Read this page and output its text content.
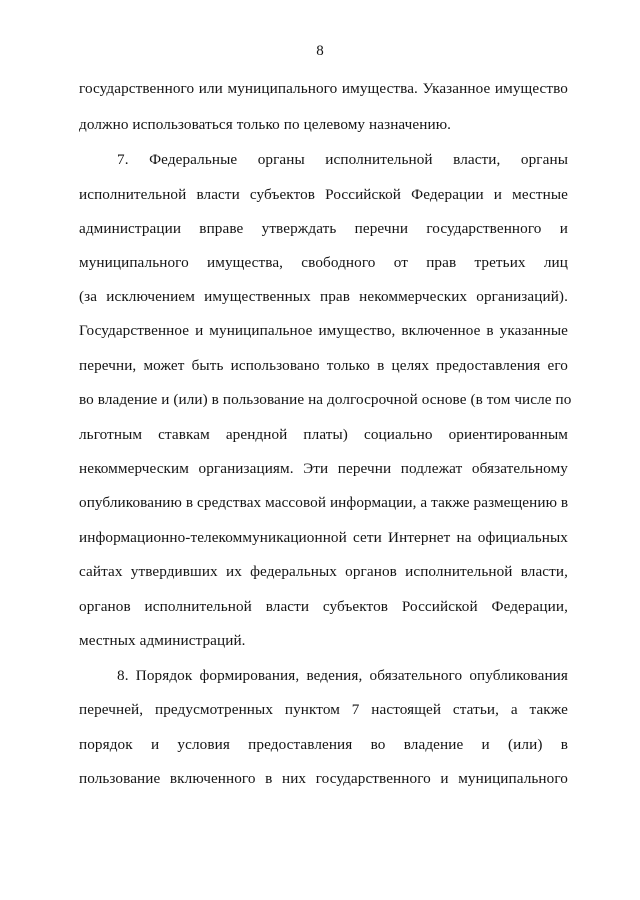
8
государственного или муниципального имущества. Указанное имущество
должно использоваться только по целевому назначению.
7. Федеральные органы исполнительной власти, органы
исполнительной власти субъектов Российской Федерации и местные
администрации вправе утверждать перечни государственного и
муниципального имущества, свободного от прав третьих лиц
(за исключением имущественных прав некоммерческих организаций).
Государственное и муниципальное имущество, включенное в указанные
перечни, может быть использовано только в целях предоставления его
во владение и (или) в пользование на долгосрочной основе (в том числе по
льготным ставкам арендной платы) социально ориентированным
некоммерческим организациям. Эти перечни подлежат обязательному
опубликованию в средствах массовой информации, а также размещению в
информационно-телекоммуникационной сети Интернет на официальных
сайтах утвердивших их федеральных органов исполнительной власти,
органов исполнительной власти субъектов Российской Федерации,
местных администраций.
8. Порядок формирования, ведения, обязательного опубликования
перечней, предусмотренных пунктом 7 настоящей статьи, а также
порядок и условия предоставления во владение и (или) в
пользование включенного в них государственного и муниципального
